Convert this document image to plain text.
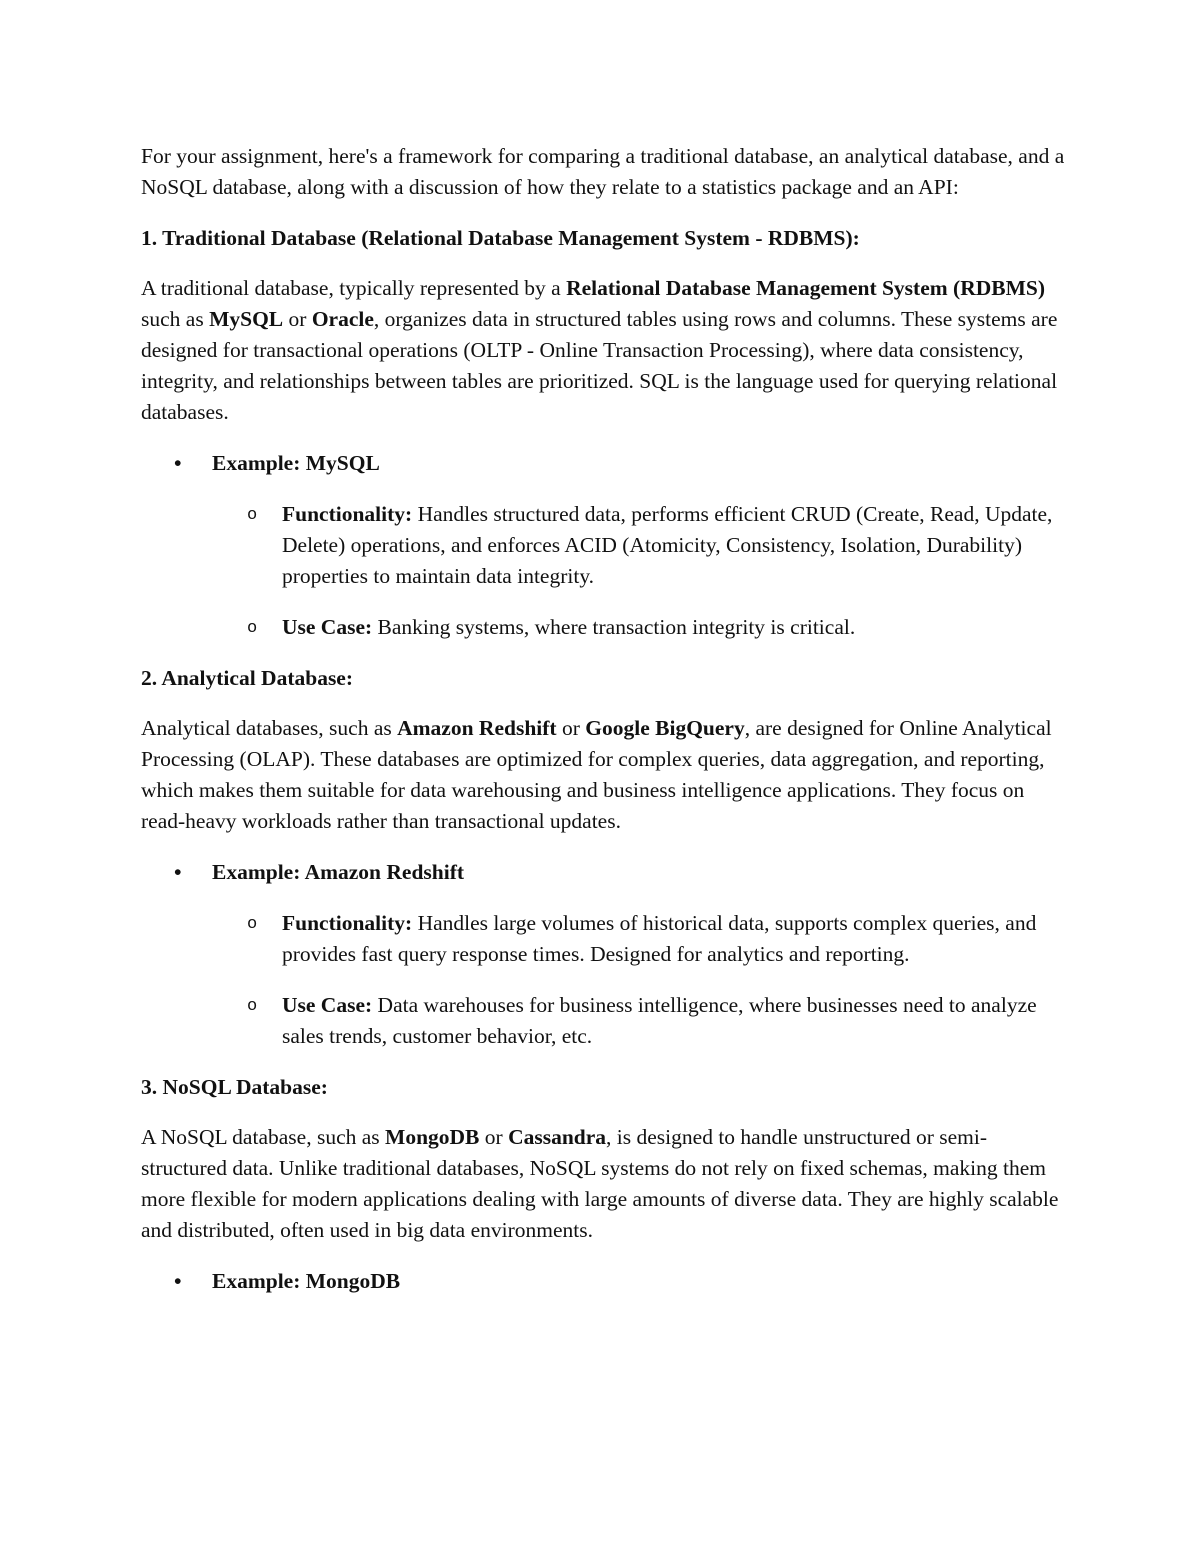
For your assignment, here's a framework for comparing a traditional database, an analytical database, and a NoSQL database, along with a discussion of how they relate to a statistics package and an API:

1. Traditional Database (Relational Database Management System - RDBMS):

A traditional database, typically represented by a Relational Database Management System (RDBMS) such as MySQL or Oracle, organizes data in structured tables using rows and columns. These systems are designed for transactional operations (OLTP - Online Transaction Processing), where data consistency, integrity, and relationships between tables are prioritized. SQL is the language used for querying relational databases.

• Example: MySQL
o Functionality: Handles structured data, performs efficient CRUD (Create, Read, Update, Delete) operations, and enforces ACID (Atomicity, Consistency, Isolation, Durability) properties to maintain data integrity.
o Use Case: Banking systems, where transaction integrity is critical.

2. Analytical Database:

Analytical databases, such as Amazon Redshift or Google BigQuery, are designed for Online Analytical Processing (OLAP). These databases are optimized for complex queries, data aggregation, and reporting, which makes them suitable for data warehousing and business intelligence applications. They focus on read-heavy workloads rather than transactional updates.

• Example: Amazon Redshift
o Functionality: Handles large volumes of historical data, supports complex queries, and provides fast query response times. Designed for analytics and reporting.
o Use Case: Data warehouses for business intelligence, where businesses need to analyze sales trends, customer behavior, etc.

3. NoSQL Database:

A NoSQL database, such as MongoDB or Cassandra, is designed to handle unstructured or semi-structured data. Unlike traditional databases, NoSQL systems do not rely on fixed schemas, making them more flexible for modern applications dealing with large amounts of diverse data. They are highly scalable and distributed, often used in big data environments.

• Example: MongoDB
